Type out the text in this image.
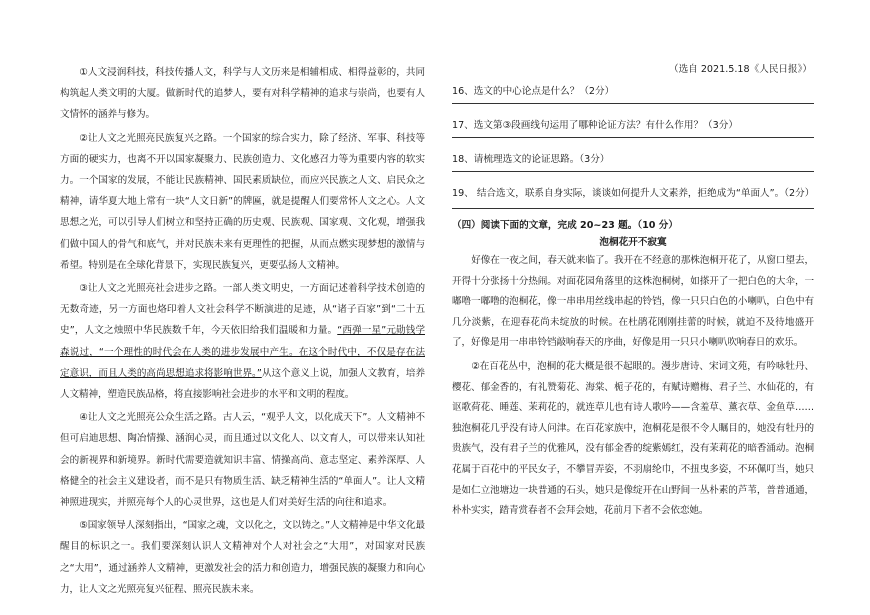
①人文浸润科技，科技传播人文，科学与人文历来是相辅相成、相得益彰的，共同构筑起人类文明的大厦。做新时代的追梦人，要有对科学精神的追求与崇尚，也要有人文情怀的涵养与修为。

②让人文之光照亮民族复兴之路。一个国家的综合实力，除了经济、军事、科技等方面的硬实力，也离不开以国家凝聚力、民族创造力、文化感召力等为重要内容的软实力。一个国家的发展，不能让民族精神、国民素质缺位，而应兴民族之人文、启民众之精神，请华夏大地上常有一块“人文日新”的牌匾，就是提醒人们要常怀人文之心。人文思想之光，可以引导人们树立和坚持正确的历史观、民族观、国家观、文化观，增强我们做中国人的骨气和底气，并对民族未来有更理性的把握，从而点燃实现梦想的激情与希望。特别是在全球化背景下，实现民族复兴，更要弘扬人文精神。

③让人文之光照亮社会进步之路。一部人类文明史，一方面记述着科学技术创造的无数奇迹，另一方面也烙印着人文社会科学不断演进的足迹，从“诸子百家”到“二十五史”，人文之烛照中华民族数千年，今天依旧给我们温暖和力量。“西弹一星”元勋钱学森说过，“一个理性的时代会在人类的进步发展中产生。在这个时代中，不仅是存在法定意识，而且人类的高尚思想追求将影响世界。”从这个意义上说，加强人文教育，培养人文精神，塑造民族品格，将直接影响社会进步的水平和文明的程度。

④让人文之光照亮公众生活之路。古人云，“观乎人文，以化成天下”。人文精神不但可启迪思想、陶冶情操、涵润心灵，而且通过以文化人、以文育人，可以带来认知社会的新视界和新境界。新时代需要造就知识丰富、情操高尚、意志坚定、素养深厚、人格健全的社会主义建设者，而不是只有物质生活、缺乏精神生活的“单面人”。让人文精神照进现实，并照亮每个人的心灵世界，这也是人们对美好生活的向往和追求。

⑤国家领导人深刻指出，“国家之魂，文以化之，文以铸之。”人文精神是中华文化最醒目的标识之一。我们要深刻认识人文精神对个人对社会之“大用”，对国家对民族之“大用”，通过涵养人文精神，更激发社会的活力和创造力，增强民族的凝聚力和向心力，让人文之光照亮复兴征程、照亮民族未来。

（选自 2021.5.18《人民日报》）
16、选文的中心论点是什么？（2分）
17、选文第③段画线句运用了哪种论证方法？有什么作用？（3分）
18、请梳理选文的论证思路。（3分）
19、 结合选文，联系自身实际，谈谈如何提升人文素养，拒绝成为“单面人”。（2分）
（四）阅读下面的文章，完成 20~23 题。（10 分）
泡桐花开不寂寞

好像在一夜之间，春天就来临了。我开在不经意的那株泡桐开花了，从窗口望去，开得十分张扬十分热闹。对面花园角落里的这株泡桐树，如搽开了一把白色的大伞，一嘟噜一嘟噜的泡桐花，像一串串用丝线串起的铃铛，像一只只白色的小喇叭，白色中有几分淡紫，在迎春花尚未绽放的时候。在杜鹃花刚刚挂蕾的时候，就迫不及待地盛开了，好像是用一串串铃铛敲响春天的序曲，好像是用一只只小喇叭吹响春日的欢乐。

②在百花丛中，泡桐的花大概是很不起眼的。漫步唐诗、宋词文苑，有吟咏牡丹、樱花、郁金香的，有礼赞菊花、海棠、栀子花的，有赋诗赠梅、君子兰、水仙花的，有讴歌荷花、睡莲、茉莉花的，就连草儿也有诗人歌吟——含羞草、薰衣草、金鱼草……独泡桐花几乎没有诗人问津。在百花家族中，泡桐花是很不令人瞩目的，她没有牡丹的贵族气，没有君子兰的优雅风，没有郁金香的绽紫嫣红，没有茉莉花的暗香涌动。泡桐花属于百花中的平民女子，不攀冒弄姿，不羽扇纶巾，不扭曳多姿，不环佩叮当，她只是如仁立池塘边一块普通的石头，她只是像绽开在山野间一丛朴素的芦苇，普普通通，朴朴实实，踏青赏春者不会拜会她，花前月下者不会依恋她。
